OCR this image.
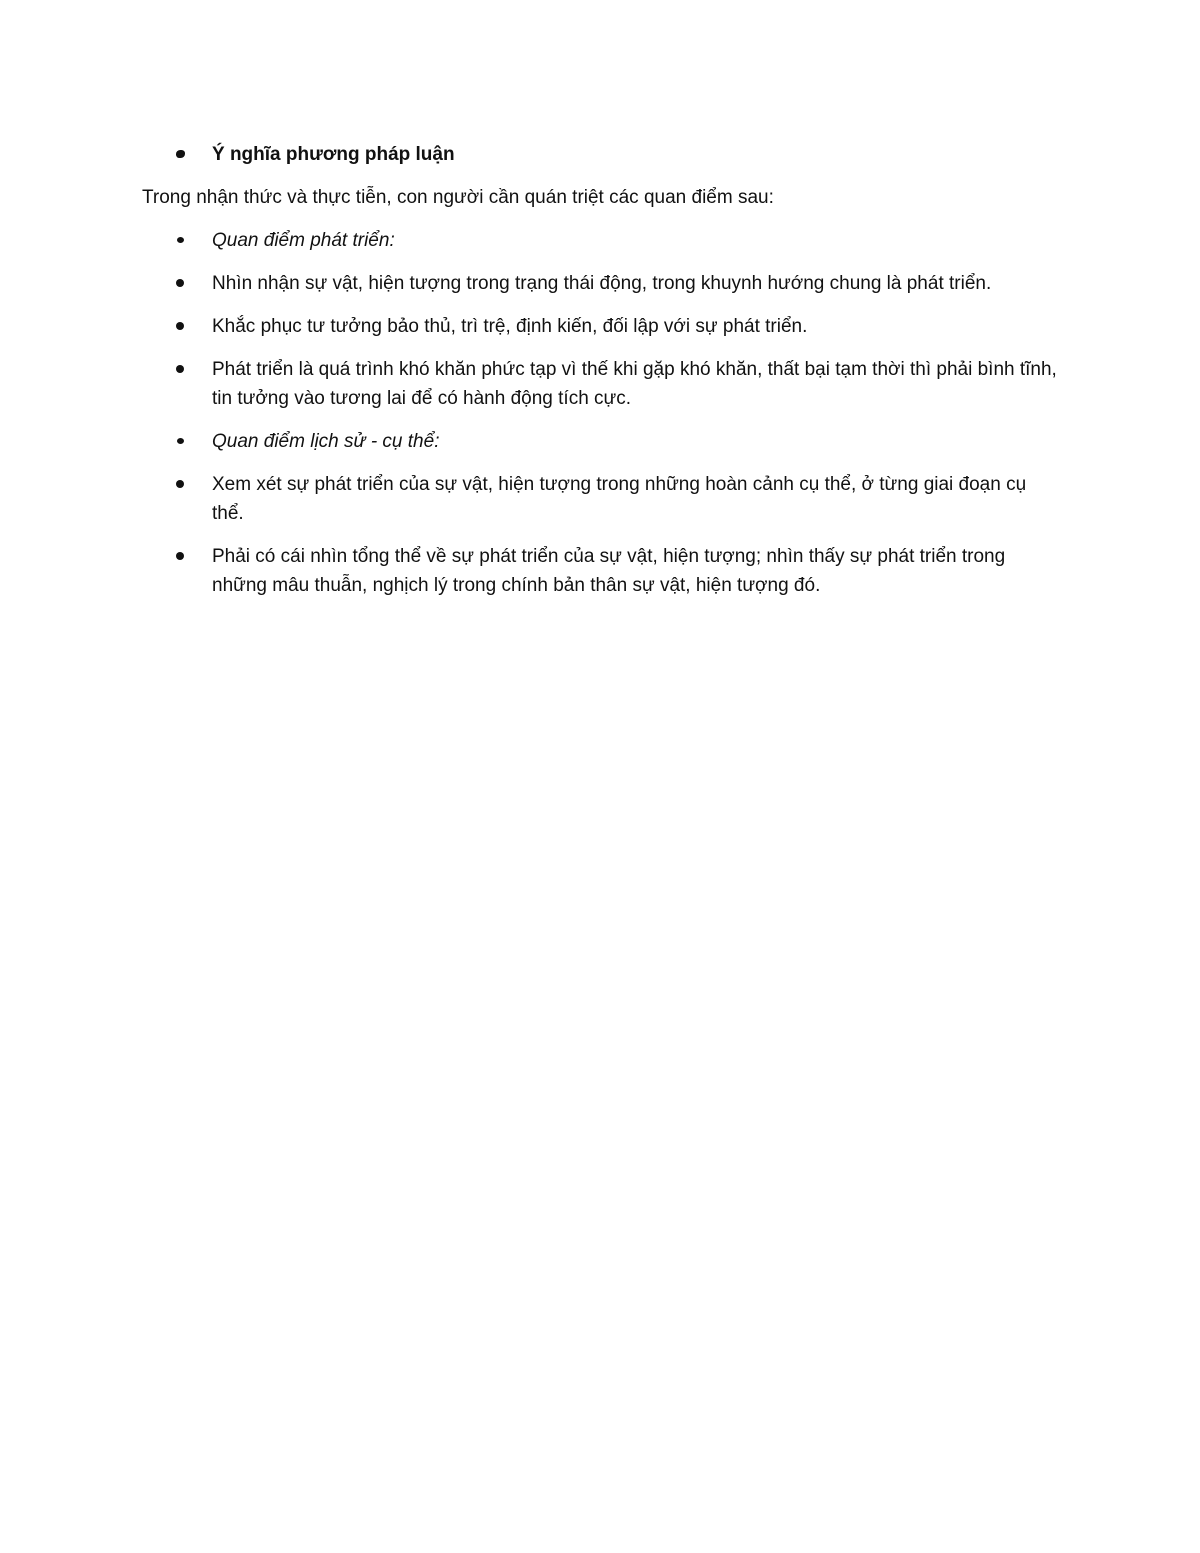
Ý nghĩa phương pháp luận

Trong nhận thức và thực tiễn, con người cần quán triệt các quan điểm sau:

Quan điểm phát triển:
Nhìn nhận sự vật, hiện tượng trong trạng thái động, trong khuynh hướng chung là phát triển.
Khắc phục tư tưởng bảo thủ, trì trệ, định kiến, đối lập với sự phát triển.
Phát triển là quá trình khó khăn phức tạp vì thế khi gặp khó khăn, thất bại tạm thời thì phải bình tĩnh, tin tưởng vào tương lai để có hành động tích cực.
Quan điểm lịch sử - cụ thể:
Xem xét sự phát triển của sự vật, hiện tượng trong những hoàn cảnh cụ thể, ở từng giai đoạn cụ thể.
Phải có cái nhìn tổng thể về sự phát triển của sự vật, hiện tượng; nhìn thấy sự phát triển trong những mâu thuẫn, nghịch lý trong chính bản thân sự vật, hiện tượng đó.
